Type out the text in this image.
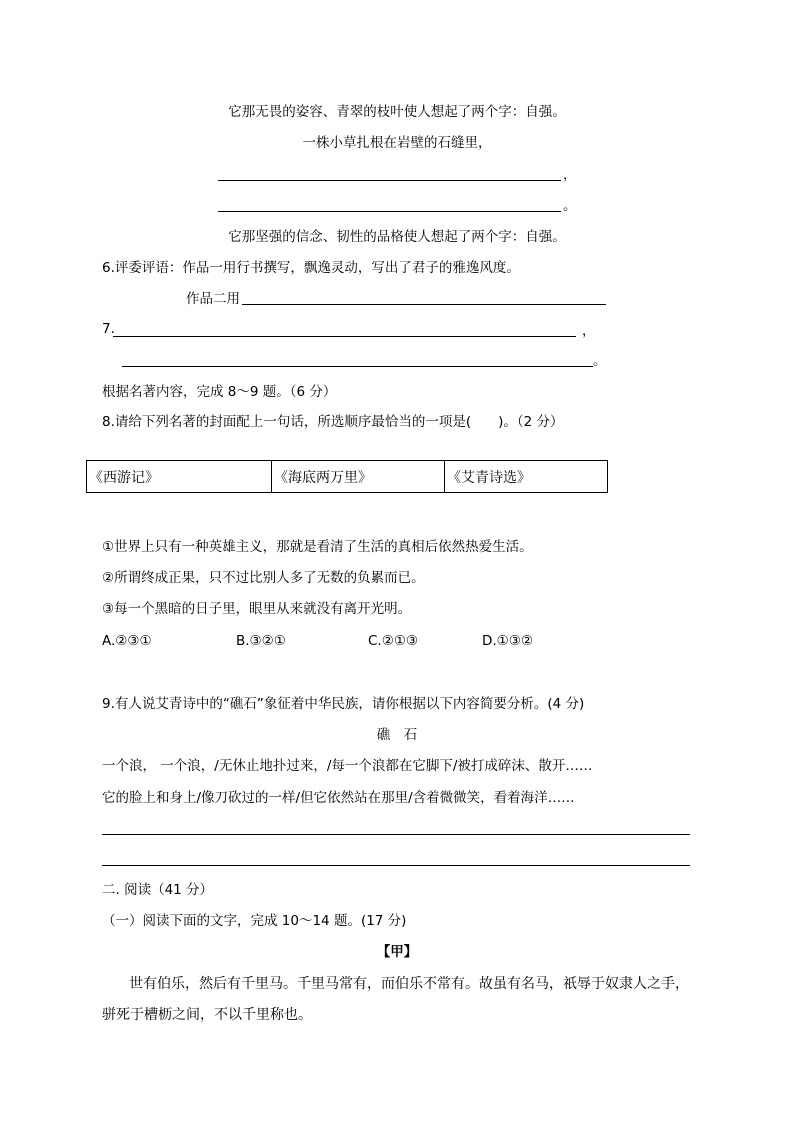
它那无畏的姿容、青翠的枝叶使人想起了两个字：自强。
一株小草扎根在岩壁的石缝里，
，
。
它那坚强的信念、韧性的品格使人想起了两个字：自强。
6.评委评语：作品一用行书撰写，飘逸灵动，写出了君子的雅逸风度。
作品二用
7.	，
。
根据名著内容，完成 8～9 题。（6 分）
8.请给下列名著的封面配上一句话，所选顺序最恰当的一项是(　　)。（2 分）
《西游记》	《海底两万里》	《艾青诗选》
①世界上只有一种英雄主义，那就是看清了生活的真相后依然热爱生活。
②所谓终成正果，只不过比别人多了无数的负累而已。
③每一个黑暗的日子里，眼里从来就没有离开光明。
A.②③①	B.③②①	C.②①③	D.①③②
9.有人说艾青诗中的“礁石”象征着中华民族，请你根据以下内容简要分析。(4 分)
礁　石
一个浪， 一个浪，/无休止地扑过来，/每一个浪都在它脚下/被打成碎沫、散开……
它的脸上和身上/像刀砍过的一样/但它依然站在那里/含着微微笑，看着海洋……
二. 阅读（41 分）
（一）阅读下面的文字，完成 10～14 题。(17 分)
【甲】
世有伯乐，然后有千里马。千里马常有，而伯乐不常有。故虽有名马，祇辱于奴隶人之手，
骈死于槽枥之间，不以千里称也。
